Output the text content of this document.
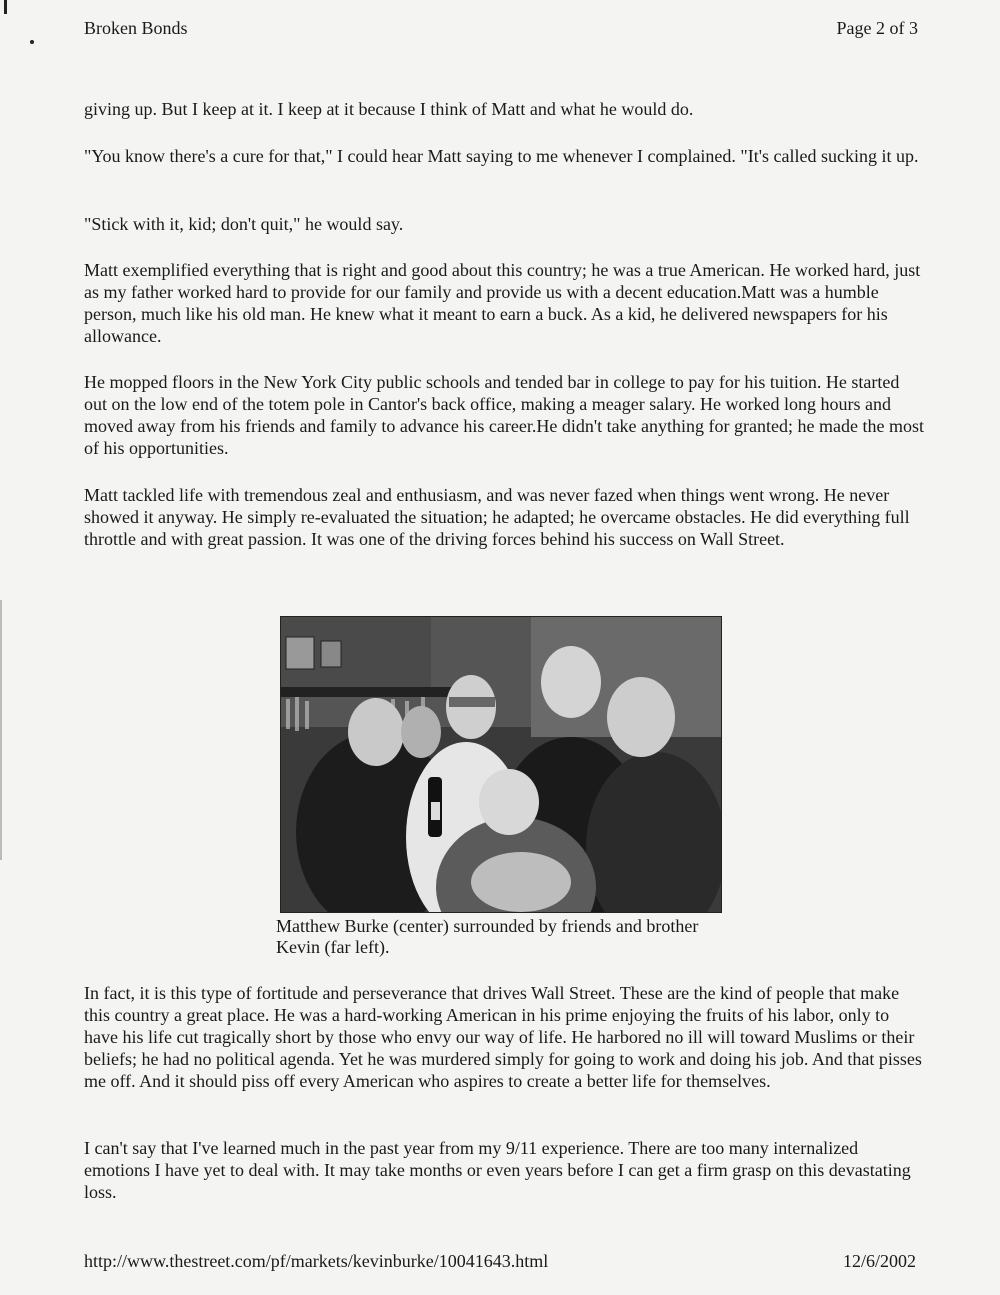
Broken Bonds	Page 2 of 3

giving up. But I keep at it. I keep at it because I think of Matt and what he would do.

"You know there's a cure for that," I could hear Matt saying to me whenever I complained. "It's called sucking it up.

"Stick with it, kid; don't quit," he would say.

Matt exemplified everything that is right and good about this country; he was a true American. He worked hard, just as my father worked hard to provide for our family and provide us with a decent education.Matt was a humble person, much like his old man. He knew what it meant to earn a buck. As a kid, he delivered newspapers for his allowance.

He mopped floors in the New York City public schools and tended bar in college to pay for his tuition. He started out on the low end of the totem pole in Cantor's back office, making a meager salary. He worked long hours and moved away from his friends and family to advance his career.He didn't take anything for granted; he made the most of his opportunities.

Matt tackled life with tremendous zeal and enthusiasm, and was never fazed when things went wrong. He never showed it anyway. He simply re-evaluated the situation; he adapted; he overcame obstacles. He did everything full throttle and with great passion. It was one of the driving forces behind his success on Wall Street.

Matthew Burke (center) surrounded by friends and brother Kevin (far left).

In fact, it is this type of fortitude and perseverance that drives Wall Street. These are the kind of people that make this country a great place. He was a hard-working American in his prime enjoying the fruits of his labor, only to have his life cut tragically short by those who envy our way of life. He harbored no ill will toward Muslims or their beliefs; he had no political agenda. Yet he was murdered simply for going to work and doing his job. And that pisses me off. And it should piss off every American who aspires to create a better life for themselves.

I can't say that I've learned much in the past year from my 9/11 experience. There are too many internalized emotions I have yet to deal with. It may take months or even years before I can get a firm grasp on this devastating loss.

http://www.thestreet.com/pf/markets/kevinburke/10041643.html	12/6/2002
